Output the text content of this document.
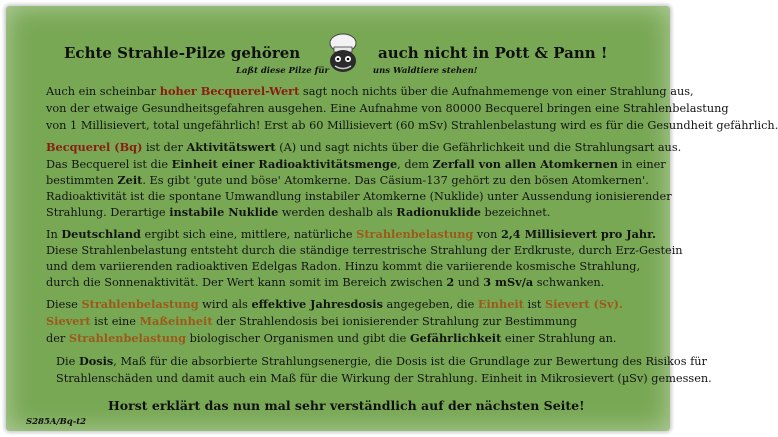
Echte Strahle-Pilze gehören	auch nicht in Pott & Pann !
Laßt diese Pilze für	uns Waldtiere stehen!
Auch ein scheinbar hoher Becquerel-Wert sagt noch nichts über die Aufnahmemenge von einer Strahlung aus,
von der etwaige Gesundheitsgefahren ausgehen. Eine Aufnahme von 80000 Becquerel bringen eine Strahlenbelastung
von 1 Millisievert, total ungefährlich! Erst ab 60 Millisievert (60 mSv) Strahlenbelastung wird es für die Gesundheit gefährlich.
Becquerel (Bq) ist der Aktivitätswert (A) und sagt nichts über die Gefährlichkeit und die Strahlungsart aus.
Das Becquerel ist die Einheit einer Radioaktivitätsmenge, dem Zerfall von allen Atomkernen in einer
bestimmten Zeit. Es gibt 'gute und böse' Atomkerne. Das Cäsium-137 gehört zu den bösen Atomkernen'.
Radioaktivität ist die spontane Umwandlung instabiler Atomkerne (Nuklide) unter Aussendung ionisierender
Strahlung. Derartige instabile Nuklide werden deshalb als Radionuklide bezeichnet.
In Deutschland ergibt sich eine, mittlere, natürliche Strahlenbelastung von 2,4 Millisievert pro Jahr.
Diese Strahlenbelastung entsteht durch die ständige terrestrische Strahlung der Erdkruste, durch Erz-Gestein
und dem variierenden radioaktiven Edelgas Radon. Hinzu kommt die variierende kosmische Strahlung,
durch die Sonnenaktivität. Der Wert kann somit im Bereich zwischen 2 und 3 mSv/a schwanken.
Diese Strahlenbelastung wird als effektive Jahresdosis angegeben, die Einheit ist Sievert (Sv).
Sievert ist eine Maßeinheit der Strahlendosis bei ionisierender Strahlung zur Bestimmung
der Strahlenbelastung biologischer Organismen und gibt die Gefährlichkeit einer Strahlung an.
Die Dosis, Maß für die absorbierte Strahlungsenergie, die Dosis ist die Grundlage zur Bewertung des Risikos für
Strahlenschäden und damit auch ein Maß für die Wirkung der Strahlung. Einheit in Mikrosievert (µSv) gemessen.
Horst erklärt das nun mal sehr verständlich auf der nächsten Seite!
S285A/Bq-t2
